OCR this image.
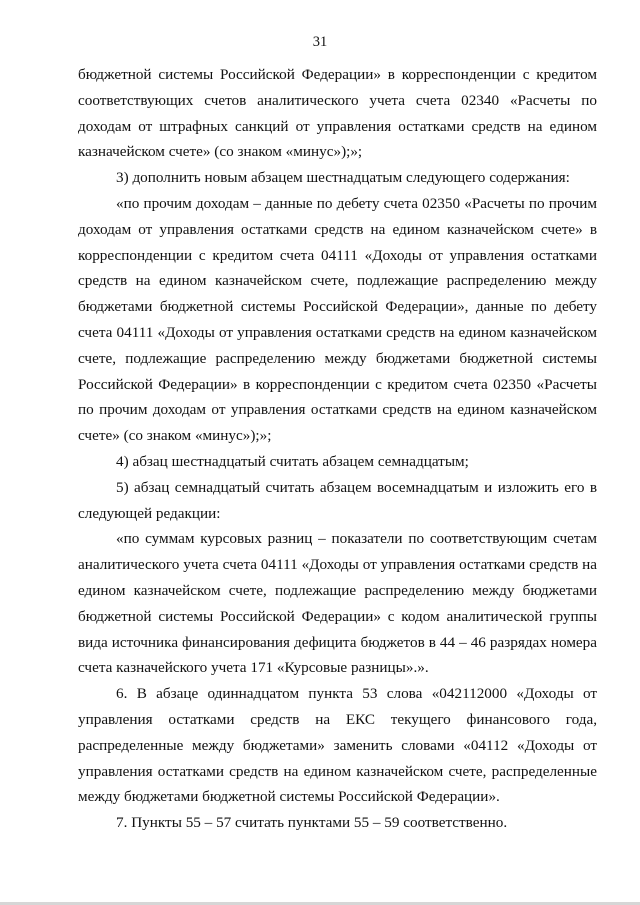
31

бюджетной системы Российской Федерации» в корреспонденции с кредитом соответствующих счетов аналитического учета счета 02340 «Расчеты по доходам от штрафных санкций от управления остатками средств на едином казначейском счете» (со знаком «минус»);»;

3) дополнить новым абзацем шестнадцатым следующего содержания:

«по прочим доходам – данные по дебету счета 02350 «Расчеты по прочим доходам от управления остатками средств на едином казначейском счете» в корреспонденции с кредитом счета 04111 «Доходы от управления остатками средств на едином казначейском счете, подлежащие распределению между бюджетами бюджетной системы Российской Федерации», данные по дебету счета 04111 «Доходы от управления остатками средств на едином казначейском счете, подлежащие распределению между бюджетами бюджетной системы Российской Федерации» в корреспонденции с кредитом счета 02350 «Расчеты по прочим доходам от управления остатками средств на едином казначейском счете» (со знаком «минус»);»;

4) абзац шестнадцатый считать абзацем семнадцатым;

5) абзац семнадцатый считать абзацем восемнадцатым и изложить его в следующей редакции:

«по суммам курсовых разниц – показатели по соответствующим счетам аналитического учета счета 04111 «Доходы от управления остатками средств на едином казначейском счете, подлежащие распределению между бюджетами бюджетной системы Российской Федерации» с кодом аналитической группы вида источника финансирования дефицита бюджетов в 44 – 46 разрядах номера счета казначейского учета 171 «Курсовые разницы».».

6. В абзаце одиннадцатом пункта 53 слова «042112000 «Доходы от управления остатками средств на ЕКС текущего финансового года, распределенные между бюджетами» заменить словами «04112 «Доходы от управления остатками средств на едином казначейском счете, распределенные между бюджетами бюджетной системы Российской Федерации».

7. Пункты 55 – 57 считать пунктами 55 – 59 соответственно.
